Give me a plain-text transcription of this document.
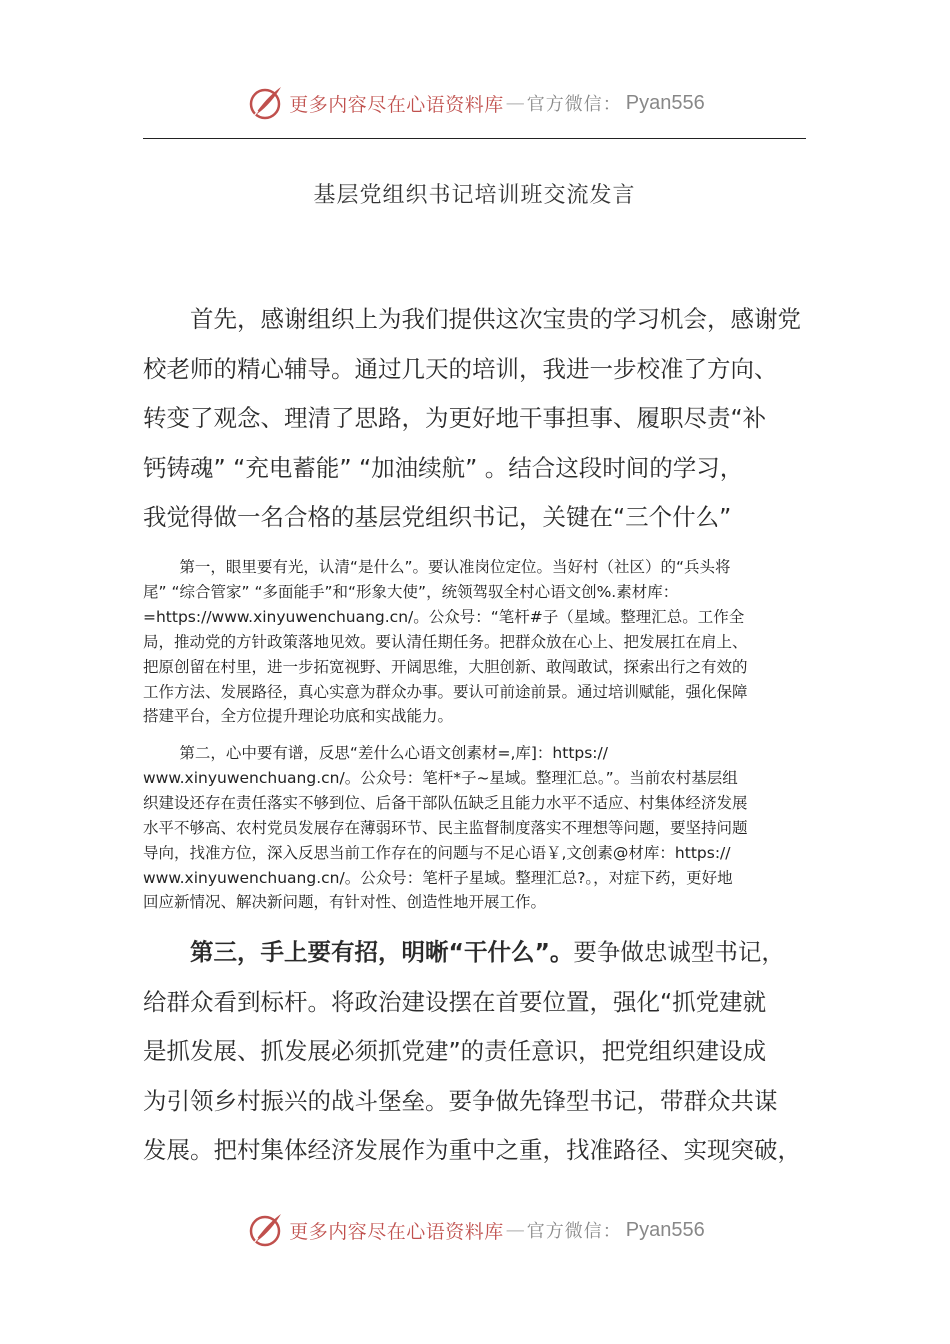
更多内容尽在心语资料库 — 官方微信： Pyan556
基层党组织书记培训班交流发言

首先，感谢组织上为我们提供这次宝贵的学习机会，感谢党
校老师的精心辅导。通过几天的培训，我进一步校准了方向、
转变了观念、理清了思路，为更好地干事担事、履职尽责“补
钙铸魂” “充电蓄能” “加油续航” 。结合这段时间的学习，
我觉得做一名合格的基层党组织书记，关键在“三个什么”

第一，眼里要有光，认清“是什么”。要认准岗位定位。当好村（社区）的“兵头将
尾” “综合管家” “多面能手”和“形象大使”，统领驾驭全村心语文创%.素材库：
=https://www.xinyuwenchuang.cn/。公众号：“笔杆#子（星域。整理汇总。工作全
局，推动党的方针政策落地见效。要认清任期任务。把群众放在心上、把发展扛在肩上、
把原创留在村里，进一步拓宽视野、开阔思维，大胆创新、敢闯敢试，探索出行之有效的
工作方法、发展路径，真心实意为群众办事。要认可前途前景。通过培训赋能，强化保障
搭建平台，全方位提升理论功底和实战能力。

第二，心中要有谱，反思“差什么心语文创素材=,库]：https://
www.xinyuwenchuang.cn/。公众号：笔杆*子~星域。整理汇总。”。当前农村基层组
织建设还存在责任落实不够到位、后备干部队伍缺乏且能力水平不适应、村集体经济发展
水平不够高、农村党员发展存在薄弱环节、民主监督制度落实不理想等问题，要坚持问题
导向，找准方位，深入反思当前工作存在的问题与不足心语￥,文创素@材库：https://
www.xinyuwenchuang.cn/。公众号：笔杆子星域。整理汇总?。，对症下药，更好地
回应新情况、解决新问题，有针对性、创造性地开展工作。

第三，手上要有招，明晰“干什么”。要争做忠诚型书记，
给群众看到标杆。将政治建设摆在首要位置，强化“抓党建就
是抓发展、抓发展必须抓党建”的责任意识，把党组织建设成
为引领乡村振兴的战斗堡垒。要争做先锋型书记，带群众共谋
发展。把村集体经济发展作为重中之重，找准路径、实现突破，

更多内容尽在心语资料库 — 官方微信： Pyan556
